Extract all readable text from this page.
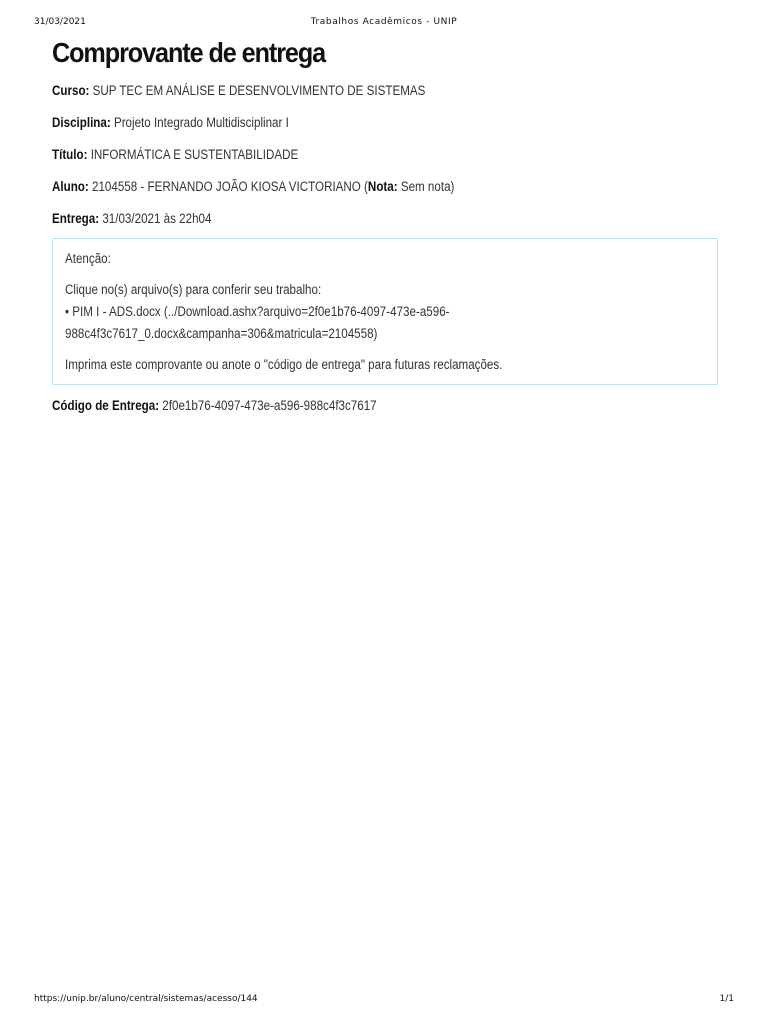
31/03/2021	Trabalhos Acadêmicos - UNIP
Comprovante de entrega

Curso: SUP TEC EM ANÁLISE E DESENVOLVIMENTO DE SISTEMAS

Disciplina: Projeto Integrado Multidisciplinar I

Título: INFORMÁTICA E SUSTENTABILIDADE

Aluno: 2104558 - FERNANDO JOÃO KIOSA VICTORIANO (Nota: Sem nota)

Entrega: 31/03/2021 às 22h04

Atenção:

Clique no(s) arquivo(s) para conferir seu trabalho:

• PIM I - ADS.docx (../Download.ashx?arquivo=2f0e1b76-4097-473e-a596-

988c4f3c7617_0.docx&campanha=306&matricula=2104558)

Imprima este comprovante ou anote o "código de entrega" para futuras reclamações.

Código de Entrega: 2f0e1b76-4097-473e-a596-988c4f3c7617

https://unip.br/aluno/central/sistemas/acesso/144	1/1
